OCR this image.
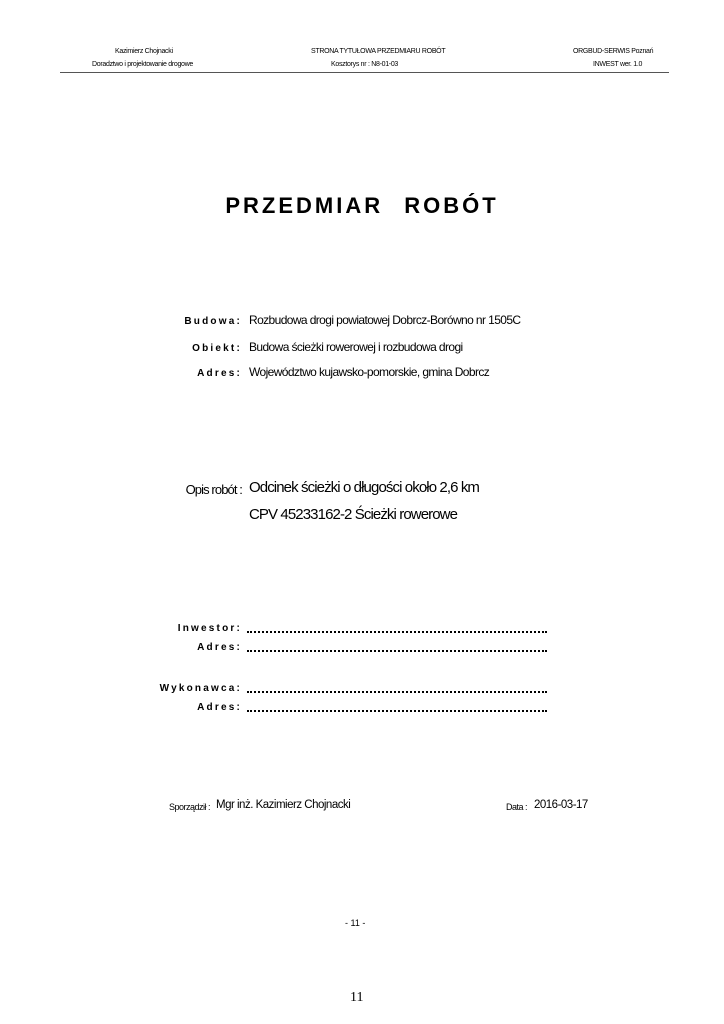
Kazimierz Chojnacki
Doradztwo i projektowanie drogowe
STRONA TYTUŁOWA PRZEDMIARU ROBÓT
Kosztorys nr : N8-01-03
ORGBUD-SERWIS Poznań
INWEST wer. 1.0
PRZEDMIAR ROBÓT
Budowa: Rozbudowa drogi powiatowej Dobrcz-Borówno nr 1505C
Obiekt: Budowa ścieżki rowerowej i rozbudowa drogi
Adres: Województwo kujawsko-pomorskie, gmina Dobrcz
Opis robót : Odcinek ścieżki o długości około 2,6 km
CPV 45233162-2 Ścieżki rowerowe
Inwestor:
Adres:
Wykonawca:
Adres:
Sporządził : Mgr inż. Kazimierz Chojnacki	Data : 2016-03-17
- 11 -
11
